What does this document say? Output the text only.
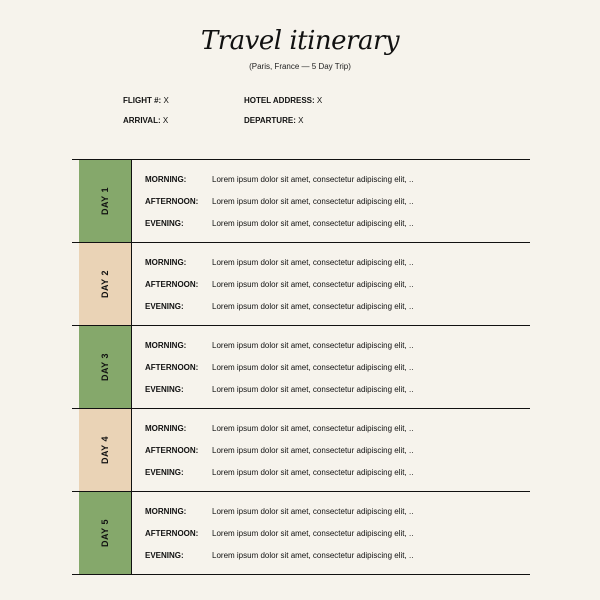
Travel itinerary
(Paris, France — 5 Day Trip)
FLIGHT #: X	HOTEL ADDRESS: X
ARRIVAL: X	DEPARTURE: X
DAY 1
MORNING:	Lorem ipsum dolor sit amet, consectetur adipiscing elit, ..
AFTERNOON: Lorem ipsum dolor sit amet, consectetur adipiscing elit, ..
EVENING:	Lorem ipsum dolor sit amet, consectetur adipiscing elit, ..
DAY 2
MORNING:	Lorem ipsum dolor sit amet, consectetur adipiscing elit, ..
AFTERNOON: Lorem ipsum dolor sit amet, consectetur adipiscing elit, ..
EVENING:	Lorem ipsum dolor sit amet, consectetur adipiscing elit, ..
DAY 3
MORNING:	Lorem ipsum dolor sit amet, consectetur adipiscing elit, ..
AFTERNOON: Lorem ipsum dolor sit amet, consectetur adipiscing elit, ..
EVENING:	Lorem ipsum dolor sit amet, consectetur adipiscing elit, ..
DAY 4
MORNING:	Lorem ipsum dolor sit amet, consectetur adipiscing elit, ..
AFTERNOON: Lorem ipsum dolor sit amet, consectetur adipiscing elit, ..
EVENING:	Lorem ipsum dolor sit amet, consectetur adipiscing elit, ..
DAY 5
MORNING:	Lorem ipsum dolor sit amet, consectetur adipiscing elit, ..
AFTERNOON: Lorem ipsum dolor sit amet, consectetur adipiscing elit, ..
EVENING:	Lorem ipsum dolor sit amet, consectetur adipiscing elit, ..
